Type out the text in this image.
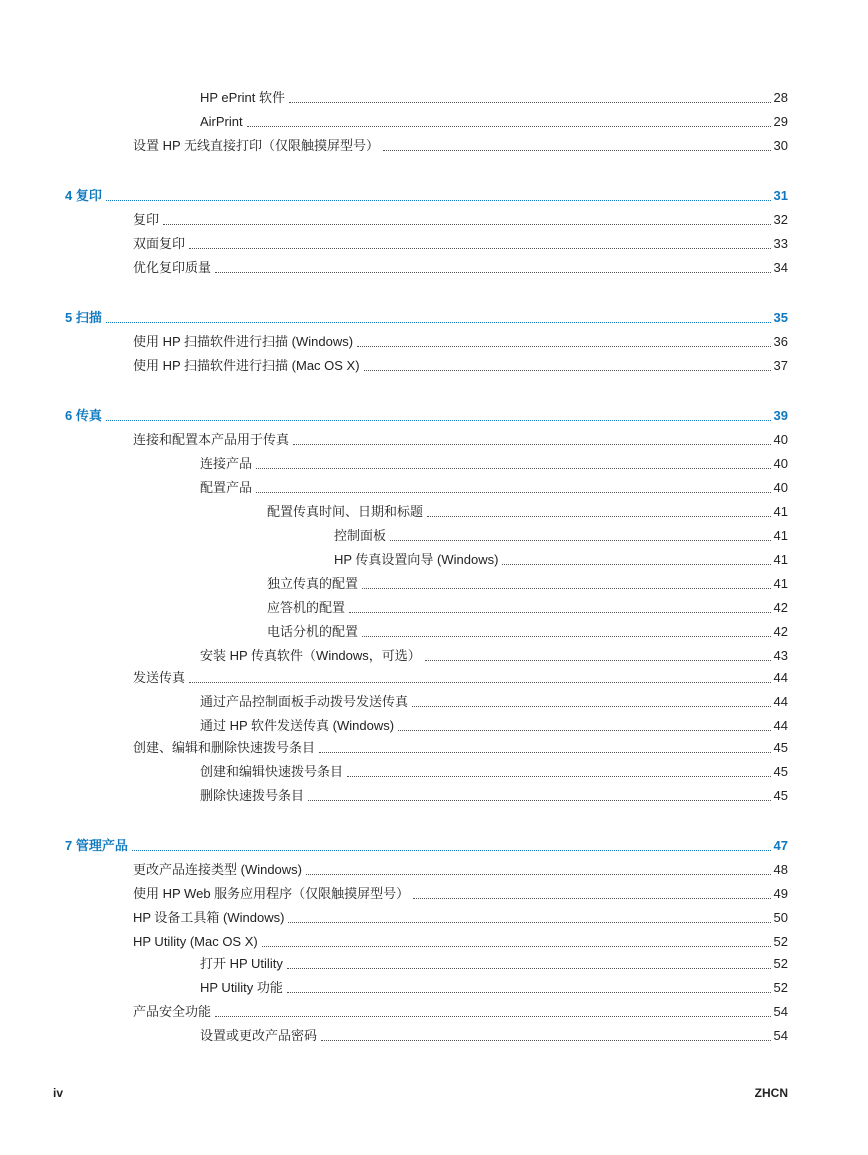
HP ePrint 软件	28
AirPrint	29
设置 HP 无线直接打印（仅限触摸屏型号）	30
4 复印	31
复印	32
双面复印	33
优化复印质量	34
5 扫描	35
使用 HP 扫描软件进行扫描 (Windows)	36
使用 HP 扫描软件进行扫描 (Mac OS X)	37
6 传真	39
连接和配置本产品用于传真	40
连接产品	40
配置产品	40
配置传真时间、日期和标题	41
控制面板	41
HP 传真设置向导 (Windows)	41
独立传真的配置	41
应答机的配置	42
电话分机的配置	42
安装 HP 传真软件（Windows，可选）	43
发送传真	44
通过产品控制面板手动拨号发送传真	44
通过 HP 软件发送传真 (Windows)	44
创建、编辑和删除快速拨号条目	45
创建和编辑快速拨号条目	45
删除快速拨号条目	45
7 管理产品	47
更改产品连接类型 (Windows)	48
使用 HP Web 服务应用程序（仅限触摸屏型号）	49
HP 设备工具箱 (Windows)	50
HP Utility (Mac OS X)	52
打开 HP Utility	52
HP Utility 功能	52
产品安全功能	54
设置或更改产品密码	54
iv	ZHCN
